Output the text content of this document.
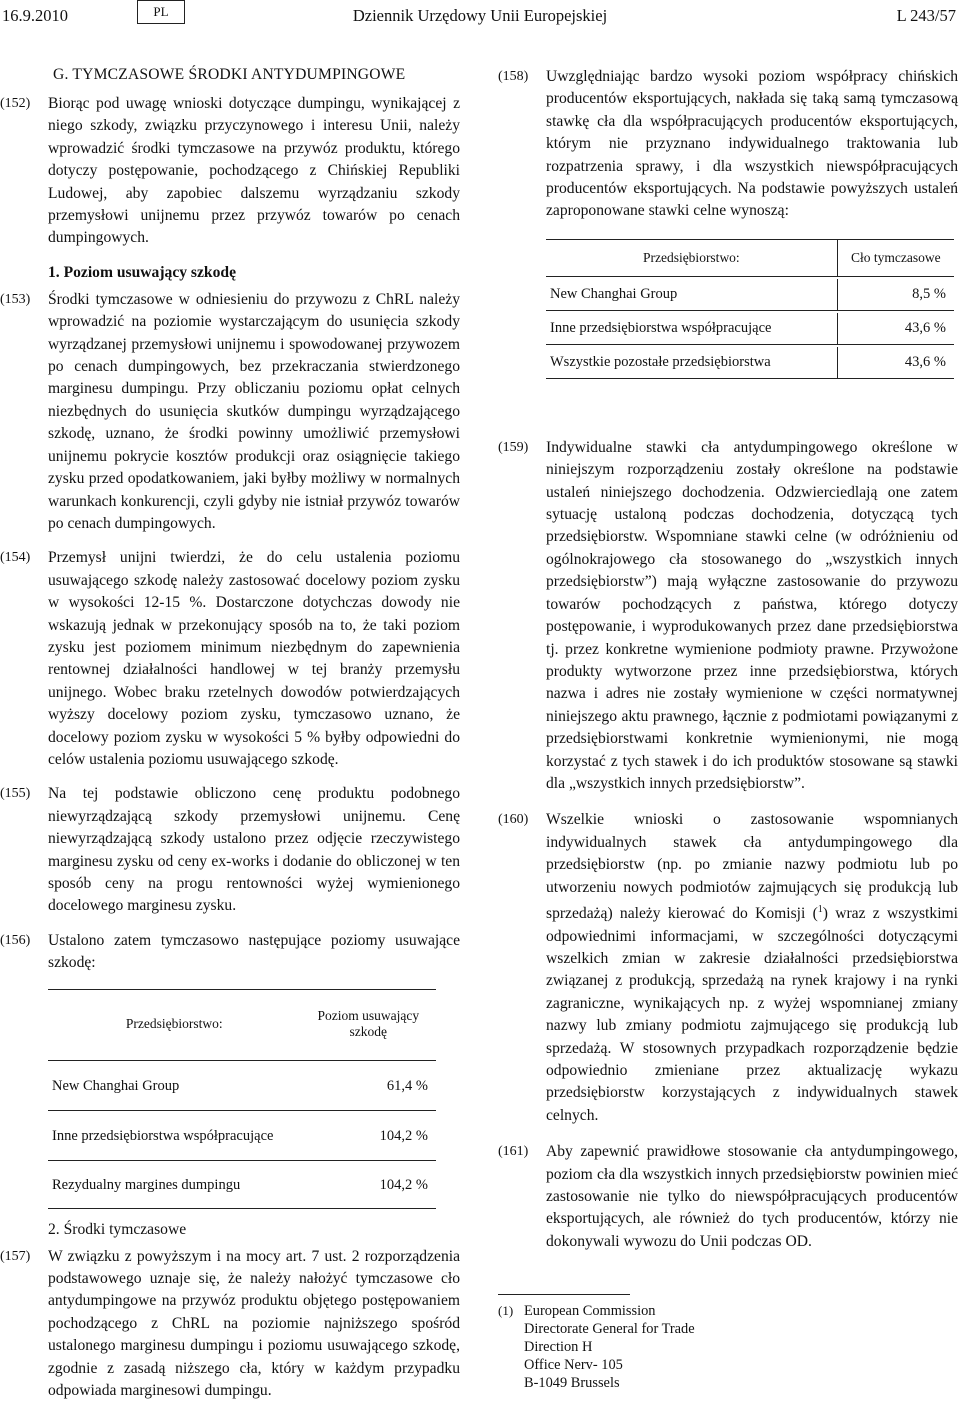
16.9.2010	PL	Dziennik Urzędowy Unii Europejskiej	L 243/57
G. TYMCZASOWE ŚRODKI ANTYDUMPINGOWE

(152) Biorąc pod uwagę wnioski dotyczące dumpingu, wynikającej z niego szkody, związku przyczynowego i interesu Unii, należy wprowadzić środki tymczasowe na przywóz produktu, którego dotyczy postępowanie, pochodzącego z Chińskiej Republiki Ludowej, aby zapobiec dalszemu wyrządzaniu szkody przemysłowi unijnemu przez przywóz towarów po cenach dumpingowych.

1. Poziom usuwający szkodę

(153) Środki tymczasowe w odniesieniu do przywozu z ChRL należy wprowadzić na poziomie wystarczającym do usunięcia szkody wyrządzanej przemysłowi unijnemu i spowodowanej przywozem po cenach dumpingowych, bez przekraczania stwierdzonego marginesu dumpingu. Przy obliczaniu poziomu opłat celnych niezbędnych do usunięcia skutków dumpingu wyrządzającego szkodę, uznano, że środki powinny umożliwić przemysłowi unijnemu pokrycie kosztów produkcji oraz osiągnięcie takiego zysku przed opodatkowaniem, jaki byłby możliwy w normalnych warunkach konkurencji, czyli gdyby nie istniał przywóz towarów po cenach dumpingowych.

(154) Przemysł unijni twierdzi, że do celu ustalenia poziomu usuwającego szkodę należy zastosować docelowy poziom zysku w wysokości 12-15 %. Dostarczone dotychczas dowody nie wskazują jednak w przekonujący sposób na to, że taki poziom zysku jest poziomem minimum niezbędnym do zapewnienia rentownej działalności handlowej w tej branży przemysłu unijnego. Wobec braku rzetelnych dowodów potwierdzających wyższy docelowy poziom zysku, tymczasowo uznano, że docelowy poziom zysku w wysokości 5 % byłby odpowiedni do celów ustalenia poziomu usuwającego szkodę.

(155) Na tej podstawie obliczono cenę produktu podobnego niewyrządzającą szkody przemysłowi unijnemu. Cenę niewyrządzającą szkody ustalono przez odjęcie rzeczywistego marginesu zysku od ceny ex-works i dodanie do obliczonej w ten sposób ceny na progu rentowności wyżej wymienionego docelowego marginesu zysku.

(156) Ustalono zatem tymczasowo następujące poziomy usuwające szkodę:

Przedsiębiorstwo:	Poziom usuwający szkodę

New Changhai Group	61,4 %

Inne przedsiębiorstwa współpracujące	104,2 %

Rezydualny margines dumpingu	104,2 %

2. Środki tymczasowe

(157) W związku z powyższym i na mocy art. 7 ust. 2 rozporządzenia podstawowego uznaje się, że należy nałożyć tymczasowe cło antydumpingowe na przywóz produktu objętego postępowaniem pochodzącego z ChRL na poziomie najniższego spośród ustalonego marginesu dumpingu i poziomu usuwającego szkodę, zgodnie z zasadą niższego cła, który w każdym przypadku odpowiada marginesowi dumpingu.

(158) Uwzględniając bardzo wysoki poziom współpracy chińskich producentów eksportujących, nakłada się taką samą tymczasową stawkę cła dla współpracujących producentów eksportujących, którym nie przyznano indywidualnego traktowania lub rozpatrzenia sprawy, i dla wszystkich niewspółpracujących producentów eksportujących. Na podstawie powyższych ustaleń zaproponowane stawki celne wynoszą:

Przedsiębiorstwo:	Cło tymczasowe

New Changhai Group	8,5 %

Inne przedsiębiorstwa współpracujące	43,6 %

Wszystkie pozostałe przedsiębiorstwa	43,6 %

(159) Indywidualne stawki cła antydumpingowego określone w niniejszym rozporządzeniu zostały określone na podstawie ustaleń niniejszego dochodzenia. Odzwierciedlają one zatem sytuację ustaloną podczas dochodzenia, dotyczącą tych przedsiębiorstw. Wspomniane stawki celne (w odróżnieniu od ogólnokrajowego cła stosowanego do „wszystkich innych przedsiębiorstw”) mają wyłączne zastosowanie do przywozu towarów pochodzących z państwa, którego dotyczy postępowanie, i wyprodukowanych przez dane przedsiębiorstwa tj. przez konkretne wymienione podmioty prawne. Przywożone produkty wytworzone przez inne przedsiębiorstwa, których nazwa i adres nie zostały wymienione w części normatywnej niniejszego aktu prawnego, łącznie z podmiotami powiązanymi z przedsiębiorstwami konkretnie wymienionymi, nie mogą korzystać z tych stawek i do ich produktów stosowane są stawki dla „wszystkich innych przedsiębiorstw”.

(160) Wszelkie wnioski o zastosowanie wspomnianych indywidualnych stawek cła antydumpingowego dla przedsiębiorstw (np. po zmianie nazwy podmiotu lub po utworzeniu nowych podmiotów zajmujących się produkcją lub sprzedażą) należy kierować do Komisji ($^1$) wraz z wszystkimi odpowiednimi informacjami, w szczególności dotyczącymi wszelkich zmian w zakresie działalności przedsiębiorstwa związanej z produkcją, sprzedażą na rynek krajowy i na rynki zagraniczne, wynikających np. z wyżej wspomnianej zmiany nazwy lub zmiany podmiotu zajmującego się produkcją lub sprzedażą. W stosownych przypadkach rozporządzenie będzie odpowiednio zmieniane przez aktualizację wykazu przedsiębiorstw korzystających z indywidualnych stawek celnych.

(161) Aby zapewnić prawidłowe stosowanie cła antydumpingowego, poziom cła dla wszystkich innych przedsiębiorstw powinien mieć zastosowanie nie tylko do niewspółpracujących producentów eksportujących, ale również do tych producentów, którzy nie dokonywali wywozu do Unii podczas OD.

(1) European Commission
Directorate General for Trade
Direction H
Office Nerv- 105
B-1049 Brussels
